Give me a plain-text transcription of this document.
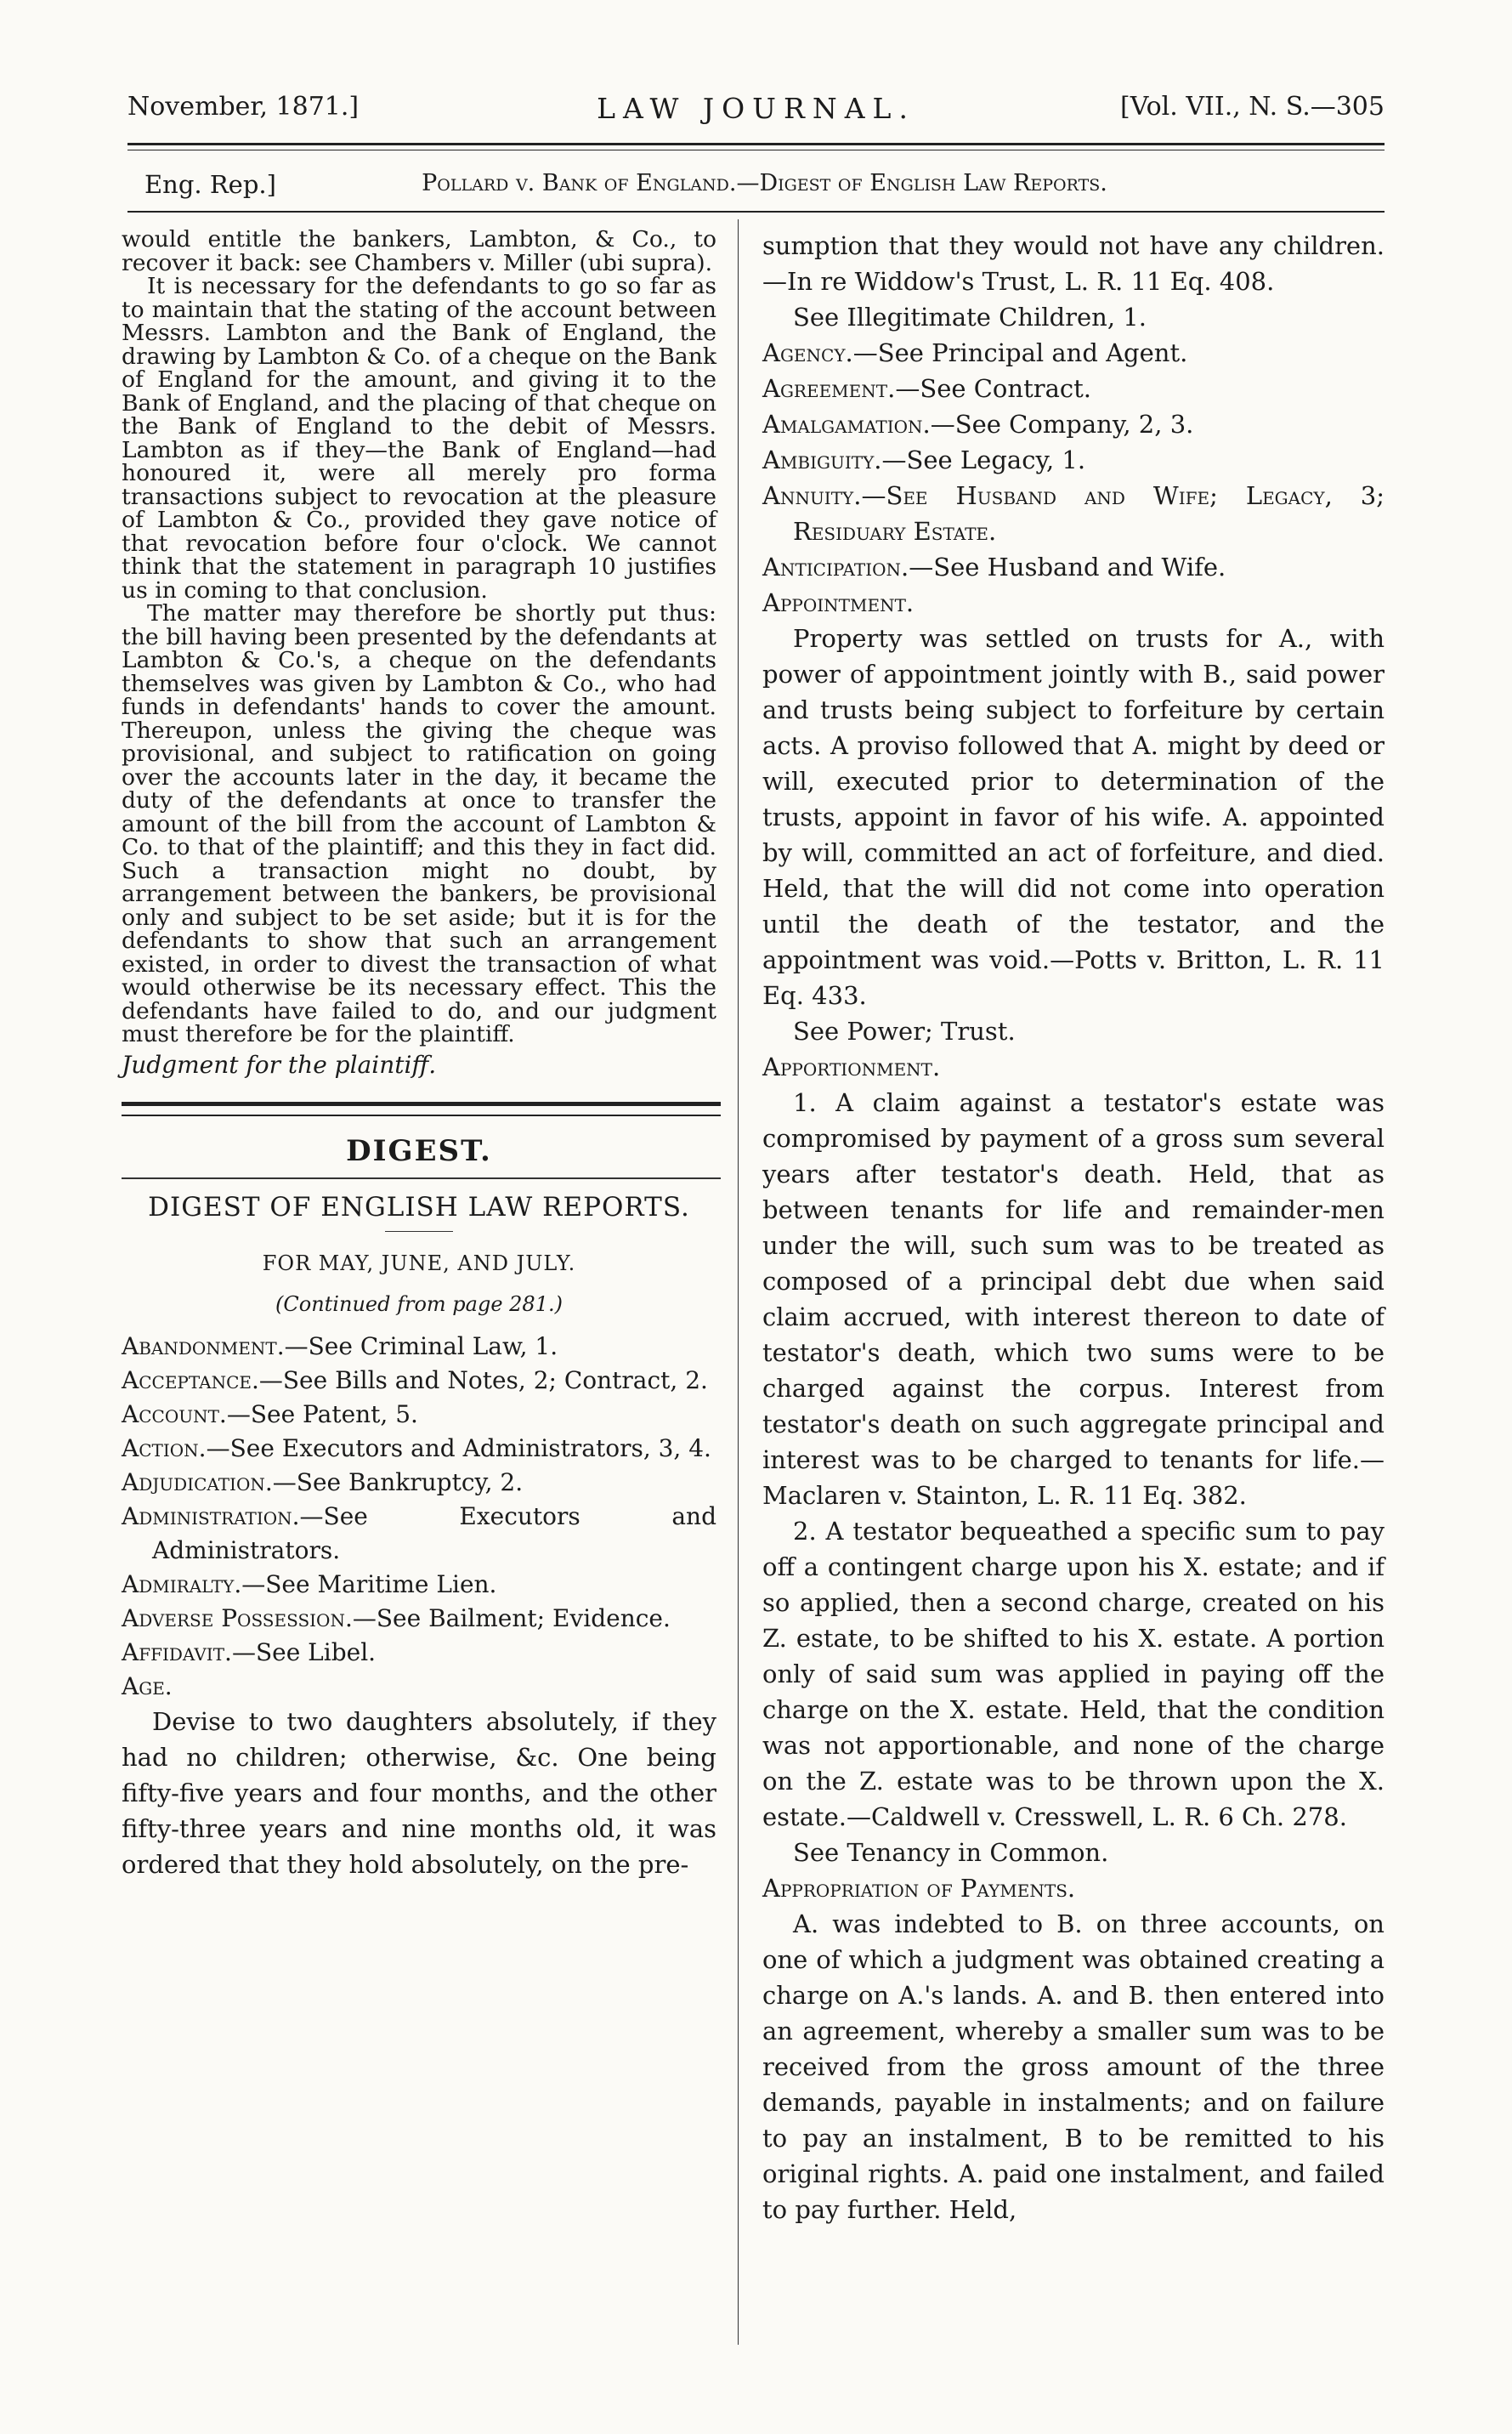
November, 1871.]	LAW JOURNAL.	[Vol. VII., N. S.—305
Eng. Rep.]	Pollard v. Bank of England.—Digest of English Law Reports.

would entitle the bankers, Lambton, & Co., to recover it back: see Chambers v. Miller (ubi supra).

It is necessary for the defendants to go so far as to maintain that the stating of the account between Messrs. Lambton and the Bank of England, the drawing by Lambton & Co. of a cheque on the Bank of England for the amount, and giving it to the Bank of England, and the placing of that cheque on the Bank of England to the debit of Messrs. Lambton as if they—the Bank of England—had honoured it, were all merely pro forma transactions subject to revocation at the pleasure of Lambton & Co., provided they gave notice of that revocation before four o'clock. We cannot think that the statement in paragraph 10 justifies us in coming to that conclusion.

The matter may therefore be shortly put thus: the bill having been presented by the defendants at Lambton & Co.'s, a cheque on the defendants themselves was given by Lambton & Co., who had funds in defendants' hands to cover the amount. Thereupon, unless the giving the cheque was provisional, and subject to ratification on going over the accounts later in the day, it became the duty of the defendants at once to transfer the amount of the bill from the account of Lambton & Co. to that of the plaintiff; and this they in fact did. Such a transaction might no doubt, by arrangement between the bankers, be provisional only and subject to be set aside; but it is for the defendants to show that such an arrangement existed, in order to divest the transaction of what would otherwise be its necessary effect. This the defendants have failed to do, and our judgment must therefore be for the plaintiff.

Judgment for the plaintiff.

DIGEST.
DIGEST OF ENGLISH LAW REPORTS.
FOR MAY, JUNE, AND JULY.
(Continued from page 281.)

Abandonment.—See Criminal Law, 1.

Acceptance.—See Bills and Notes, 2; Contract, 2.

Account.—See Patent, 5.

Action.—See Executors and Administrators, 3, 4.

Adjudication.—See Bankruptcy, 2.

Administration.—See Executors and Administrators.

Admiralty.—See Maritime Lien.

Adverse Possession.—See Bailment; Evidence.

Affidavit.—See Libel.

Age.

Devise to two daughters absolutely, if they had no children; otherwise, &c. One being fifty-five years and four months, and the other fifty-three years and nine months old, it was ordered that they hold absolutely, on the pre-

sumption that they would not have any children.—In re Widdow's Trust, L. R. 11 Eq. 408.

See Illegitimate Children, 1.

Agency.—See Principal and Agent.

Agreement.—See Contract.

Amalgamation.—See Company, 2, 3.

Ambiguity.—See Legacy, 1.

Annuity.—See Husband and Wife; Legacy, 3; Residuary Estate.

Anticipation.—See Husband and Wife.

Appointment.

Property was settled on trusts for A., with power of appointment jointly with B., said power and trusts being subject to forfeiture by certain acts. A proviso followed that A. might by deed or will, executed prior to determination of the trusts, appoint in favor of his wife. A. appointed by will, committed an act of forfeiture, and died. Held, that the will did not come into operation until the death of the testator, and the appointment was void.—Potts v. Britton, L. R. 11 Eq. 433.

See Power; Trust.

Apportionment.

1. A claim against a testator's estate was compromised by payment of a gross sum several years after testator's death. Held, that as between tenants for life and remainder-men under the will, such sum was to be treated as composed of a principal debt due when said claim accrued, with interest thereon to date of testator's death, which two sums were to be charged against the corpus. Interest from testator's death on such aggregate principal and interest was to be charged to tenants for life.—Maclaren v. Stainton, L. R. 11 Eq. 382.

2. A testator bequeathed a specific sum to pay off a contingent charge upon his X. estate; and if so applied, then a second charge, created on his Z. estate, to be shifted to his X. estate. A portion only of said sum was applied in paying off the charge on the X. estate. Held, that the condition was not apportionable, and none of the charge on the Z. estate was to be thrown upon the X. estate.—Caldwell v. Cresswell, L. R. 6 Ch. 278.

See Tenancy in Common.

Appropriation of Payments.

A. was indebted to B. on three accounts, on one of which a judgment was obtained creating a charge on A.'s lands. A. and B. then entered into an agreement, whereby a smaller sum was to be received from the gross amount of the three demands, payable in instalments; and on failure to pay an instalment, B to be remitted to his original rights. A. paid one instalment, and failed to pay further. Held,
